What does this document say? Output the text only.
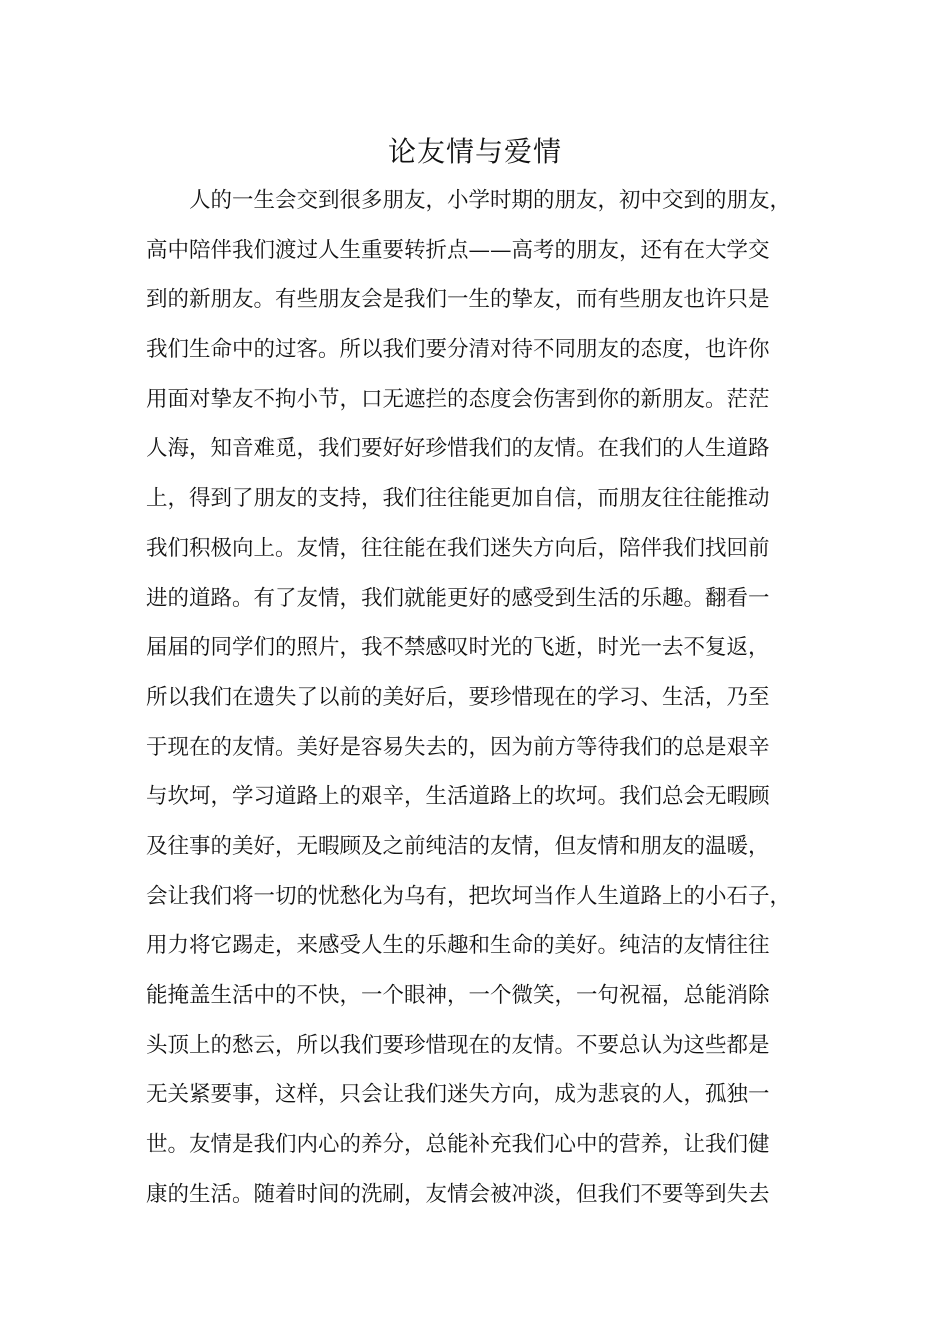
论友情与爱情
人的一生会交到很多朋友，小学时期的朋友，初中交到的朋友，
高中陪伴我们渡过人生重要转折点——高考的朋友，还有在大学交
到的新朋友。有些朋友会是我们一生的挚友，而有些朋友也许只是
我们生命中的过客。所以我们要分清对待不同朋友的态度，也许你
用面对挚友不拘小节，口无遮拦的态度会伤害到你的新朋友。茫茫
人海，知音难觅，我们要好好珍惜我们的友情。在我们的人生道路
上，得到了朋友的支持，我们往往能更加自信，而朋友往往能推动
我们积极向上。友情，往往能在我们迷失方向后，陪伴我们找回前
进的道路。有了友情，我们就能更好的感受到生活的乐趣。翻看一
届届的同学们的照片，我不禁感叹时光的飞逝，时光一去不复返，
所以我们在遗失了以前的美好后，要珍惜现在的学习、生活，乃至
于现在的友情。美好是容易失去的，因为前方等待我们的总是艰辛
与坎坷，学习道路上的艰辛，生活道路上的坎坷。我们总会无暇顾
及往事的美好，无暇顾及之前纯洁的友情，但友情和朋友的温暖，
会让我们将一切的忧愁化为乌有，把坎坷当作人生道路上的小石子，
用力将它踢走，来感受人生的乐趣和生命的美好。纯洁的友情往往
能掩盖生活中的不快，一个眼神，一个微笑，一句祝福，总能消除
头顶上的愁云，所以我们要珍惜现在的友情。不要总认为这些都是
无关紧要事，这样，只会让我们迷失方向，成为悲哀的人，孤独一
世。友情是我们内心的养分，总能补充我们心中的营养，让我们健
康的生活。随着时间的洗刷，友情会被冲淡，但我们不要等到失去
